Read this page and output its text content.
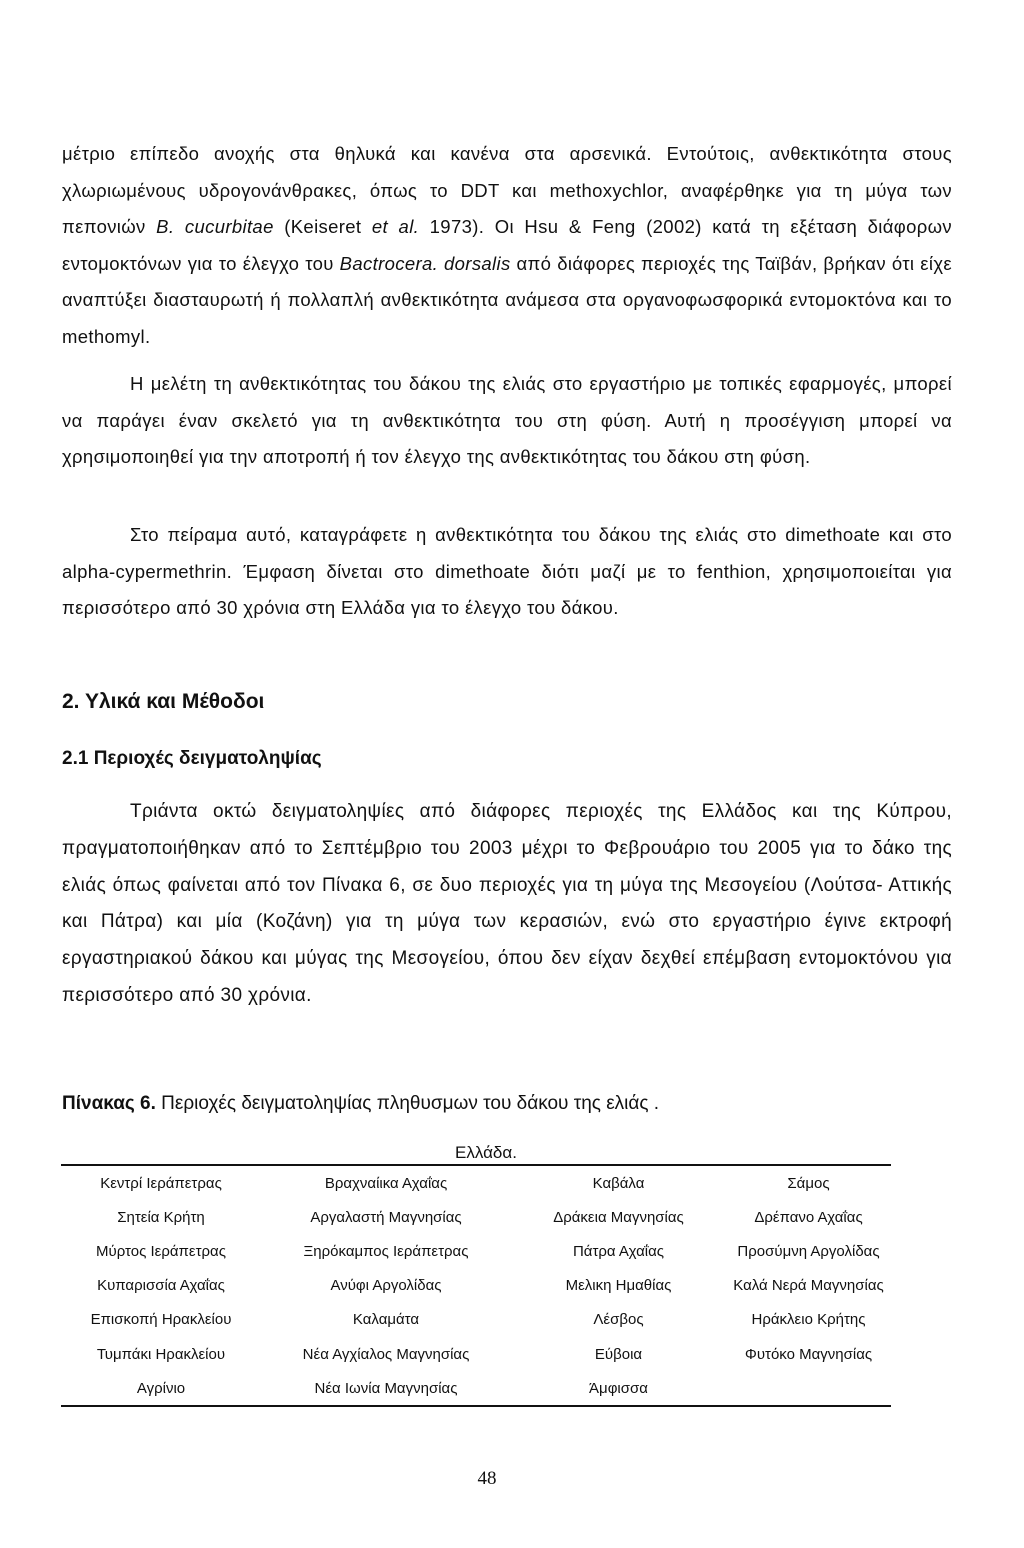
μέτριο επίπεδο ανοχής στα θηλυκά και κανένα στα αρσενικά. Εντούτοις, ανθεκτικότητα στους χλωριωμένους υδρογονάνθρακες, όπως το DDT και methoxychlor, αναφέρθηκε για τη μύγα των πεπονιών B. cucurbitae (Keiseret et al. 1973). Οι Hsu & Feng (2002) κατά τη εξέταση διάφορων εντομοκτόνων για το έλεγχο του Bactrocera. dorsalis από διάφορες περιοχές της Ταϊβάν, βρήκαν ότι είχε αναπτύξει διασταυρωτή ή πολλαπλή ανθεκτικότητα ανάμεσα στα οργανοφωσφορικά εντομοκτόνα και το methomyl.

Η μελέτη τη ανθεκτικότητας του δάκου της ελιάς στο εργαστήριο με τοπικές εφαρμογές, μπορεί να παράγει έναν σκελετό για τη ανθεκτικότητα του στη φύση. Αυτή η προσέγγιση μπορεί να χρησιμοποιηθεί για την αποτροπή ή τον έλεγχο της ανθεκτικότητας του δάκου στη φύση.

Στο πείραμα αυτό, καταγράφετε η ανθεκτικότητα του δάκου της ελιάς στο dimethoate και στο alpha-cypermethrin. Έμφαση δίνεται στο dimethoate διότι μαζί με το fenthion, χρησιμοποιείται για περισσότερο από 30 χρόνια στη Ελλάδα για το έλεγχο του δάκου.

2. Υλικά και Μέθοδοι
2.1 Περιοχές δειγματοληψίας

Τριάντα οκτώ δειγματοληψίες από διάφορες περιοχές της Ελλάδος και της Κύπρου, πραγματοποιήθηκαν από το Σεπτέμβριο του 2003 μέχρι το Φεβρουάριο του 2005 για το δάκο της ελιάς όπως φαίνεται από τον Πίνακα 6, σε δυο περιοχές για τη μύγα της Μεσογείου (Λούτσα- Αττικής και Πάτρα) και μία (Κοζάνη) για τη μύγα των κερασιών, ενώ στο εργαστήριο έγινε εκτροφή εργαστηριακού δάκου και μύγας της Μεσογείου, όπου δεν είχαν δεχθεί επέμβαση εντομοκτόνου για περισσότερο από 30 χρόνια.

Πίνακας 6. Περιοχές δειγματοληψίας πληθυσμων του δάκου της ελιάς .

Ελλάδα.
Κεντρί Ιεράπετρας	Βραχναίικα Αχαΐας	Καβάλα	Σάμος
Σητεία Κρήτη	Αργαλαστή Μαγνησίας	Δράκεια Μαγνησίας	Δρέπανο Αχαΐας
Μύρτος Ιεράπετρας	Ξηρόκαμπος Ιεράπετρας	Πάτρα Αχαΐας	Προσύμνη Αργολίδας
Κυπαρισσία Αχαΐας	Ανύφι Αργολίδας	Μελικη Ημαθίας	Καλά Νερά Μαγνησίας
Επισκοπή Ηρακλείου	Καλαμάτα	Λέσβος	Ηράκλειο Κρήτης
Τυμπάκι Ηρακλείου	Νέα Αγχίαλος Μαγνησίας	Εύβοια	Φυτόκο Μαγνησίας
Αγρίνιο	Νέα Ιωνία Μαγνησίας	Άμφισσα	
48
